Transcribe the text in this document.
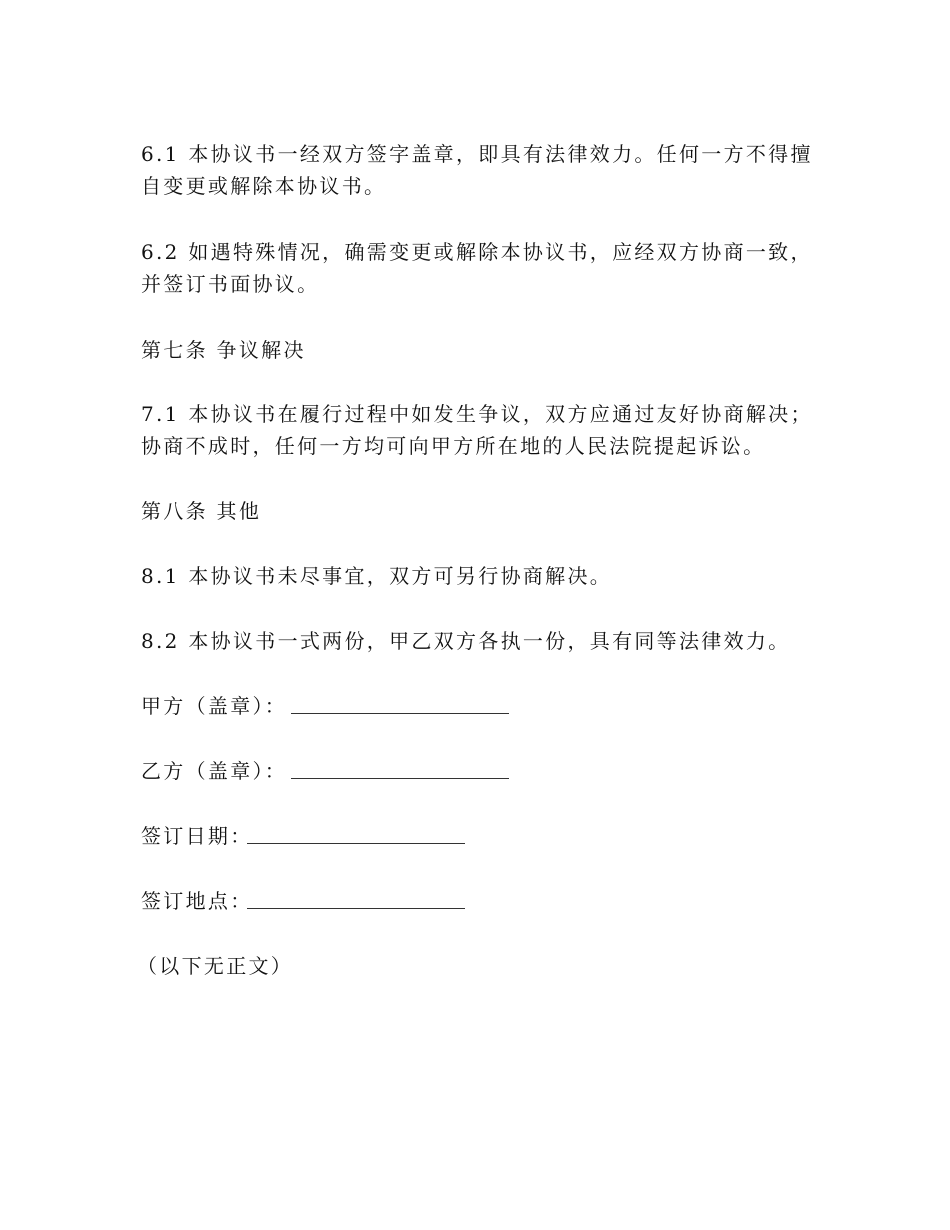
6.1 本协议书一经双方签字盖章，即具有法律效力。任何一方不得擅
自变更或解除本协议书。

6.2 如遇特殊情况，确需变更或解除本协议书，应经双方协商一致，
并签订书面协议。

第七条 争议解决

7.1 本协议书在履行过程中如发生争议，双方应通过友好协商解决；
协商不成时，任何一方均可向甲方所在地的人民法院提起诉讼。

第八条 其他

8.1 本协议书未尽事宜，双方可另行协商解决。

8.2 本协议书一式两份，甲乙双方各执一份，具有同等法律效力。

甲方（盖章）：

乙方（盖章）：

签订日期：

签订地点：

（以下无正文）
